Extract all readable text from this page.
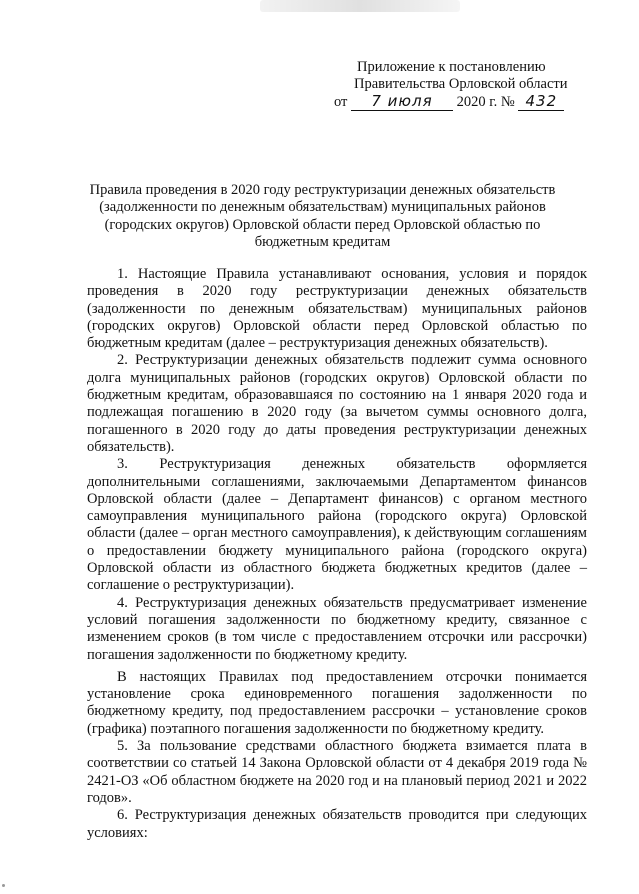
Приложение к постановлению
Правительства Орловской области
от 7 июля 2020 г. № 432
Правила проведения в 2020 году реструктуризации денежных обязательств (задолженности по денежным обязательствам) муниципальных районов (городских округов) Орловской области перед Орловской областью по бюджетным кредитам

1. Настоящие Правила устанавливают основания, условия и порядок проведения в 2020 году реструктуризации денежных обязательств (задолженности по денежным обязательствам) муниципальных районов (городских округов) Орловской области перед Орловской областью по бюджетным кредитам (далее – реструктуризация денежных обязательств).

2. Реструктуризации денежных обязательств подлежит сумма основного долга муниципальных районов (городских округов) Орловской области по бюджетным кредитам, образовавшаяся по состоянию на 1 января 2020 года и подлежащая погашению в 2020 году (за вычетом суммы основного долга, погашенного в 2020 году до даты проведения реструктуризации денежных обязательств).

3. Реструктуризация денежных обязательств оформляется дополнительными соглашениями, заключаемыми Департаментом финансов Орловской области (далее – Департамент финансов) с органом местного самоуправления муниципального района (городского округа) Орловской области (далее – орган местного самоуправления), к действующим соглашениям о предоставлении бюджету муниципального района (городского округа) Орловской области из областного бюджета бюджетных кредитов (далее – соглашение о реструктуризации).

4. Реструктуризация денежных обязательств предусматривает изменение условий погашения задолженности по бюджетному кредиту, связанное с изменением сроков (в том числе с предоставлением отсрочки или рассрочки) погашения задолженности по бюджетному кредиту.

В настоящих Правилах под предоставлением отсрочки понимается установление срока единовременного погашения задолженности по бюджетному кредиту, под предоставлением рассрочки – установление сроков (графика) поэтапного погашения задолженности по бюджетному кредиту.

5. За пользование средствами областного бюджета взимается плата в соответствии со статьей 14 Закона Орловской области от 4 декабря 2019 года № 2421-ОЗ «Об областном бюджете на 2020 год и на плановый период 2021 и 2022 годов».

6. Реструктуризация денежных обязательств проводится при следующих условиях:
